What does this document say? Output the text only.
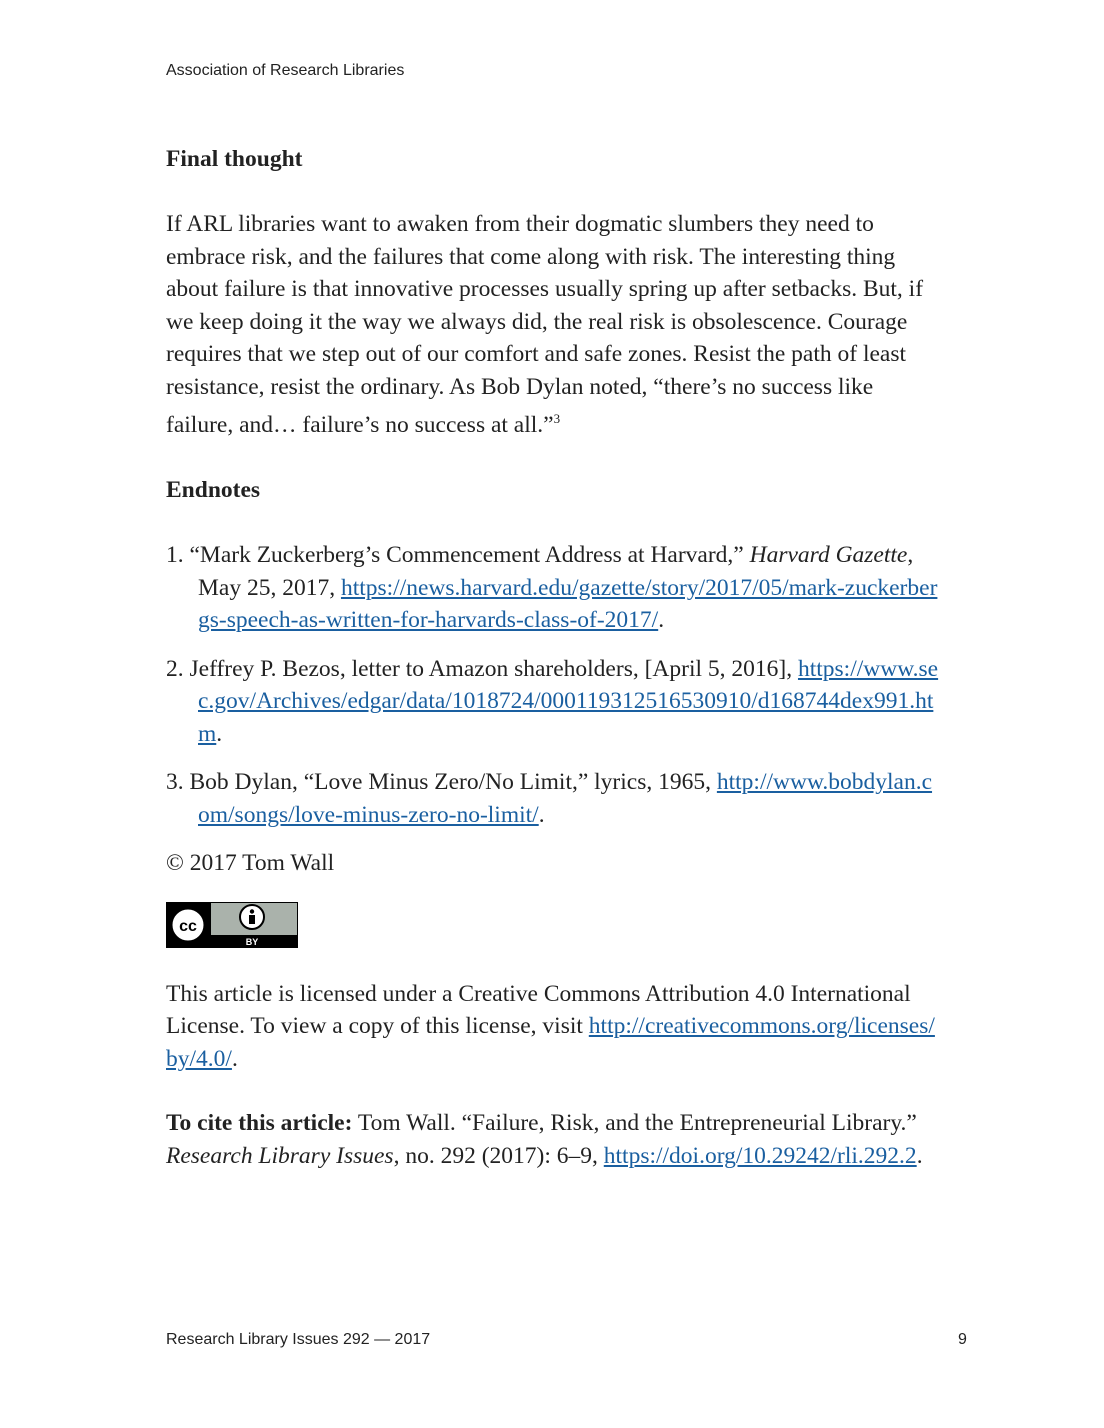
Association of Research Libraries
Final thought

If ARL libraries want to awaken from their dogmatic slumbers they need to embrace risk, and the failures that come along with risk. The interesting thing about failure is that innovative processes usually spring up after setbacks. But, if we keep doing it the way we always did, the real risk is obsolescence. Courage requires that we step out of our comfort and safe zones. Resist the path of least resistance, resist the ordinary. As Bob Dylan noted, “there’s no success like failure, and… failure’s no success at all.”$^3$

Endnotes
1. “Mark Zuckerberg’s Commencement Address at Harvard,” Harvard Gazette, May 25, 2017, https://news.harvard.edu/gazette/story/2017/05/mark-zuckerbergs-speech-as-written-for-harvards-class-of-2017/.
2. Jeffrey P. Bezos, letter to Amazon shareholders, [April 5, 2016], https://www.sec.gov/Archives/edgar/data/1018724/000119312516530910/d168744dex991.htm.
3. Bob Dylan, “Love Minus Zero/No Limit,” lyrics, 1965, http://www.bobdylan.com/songs/love-minus-zero-no-limit/.

© 2017 Tom Wall

cc
BY

This article is licensed under a Creative Commons Attribution 4.0 International License. To view a copy of this license, visit http://creativecommons.org/licenses/by/4.0/.

To cite this article: Tom Wall. “Failure, Risk, and the Entrepreneurial Library.” Research Library Issues, no. 292 (2017): 6–9, https://doi.org/10.29242/rli.292.2.

Research Library Issues 292 — 2017	9
